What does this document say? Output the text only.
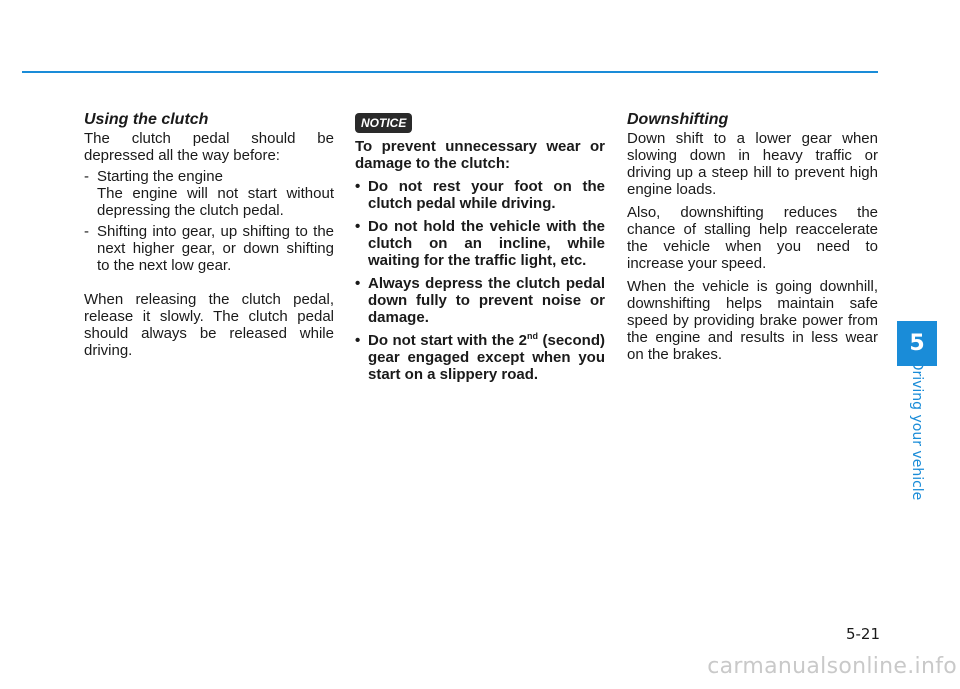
Using the clutch

The clutch pedal should be depressed all the way before:

- Starting the engine

The engine will not start without depressing the clutch pedal.

- Shifting into gear, up shifting to the next higher gear, or down shifting to the next low gear.

When releasing the clutch pedal, release it slowly. The clutch pedal should always be released while driving.

NOTICE

To prevent unnecessary wear or damage to the clutch:

• Do not rest your foot on the clutch pedal while driving.
• Do not hold the vehicle with the clutch on an incline, while waiting for the traffic light, etc.
• Always depress the clutch pedal down fully to prevent noise or damage.
• Do not start with the 2nd (second) gear engaged except when you start on a slippery road.

Downshifting

Down shift to a lower gear when slowing down in heavy traffic or driving up a steep hill to prevent high engine loads.

Also, downshifting reduces the chance of stalling help reaccelerate the vehicle when you need to increase your speed.

When the vehicle is going downhill, downshifting helps maintain safe speed by providing brake power from the engine and results in less wear on the brakes.	5
Driving your vehicle
5-21
carmanualsonline.info
